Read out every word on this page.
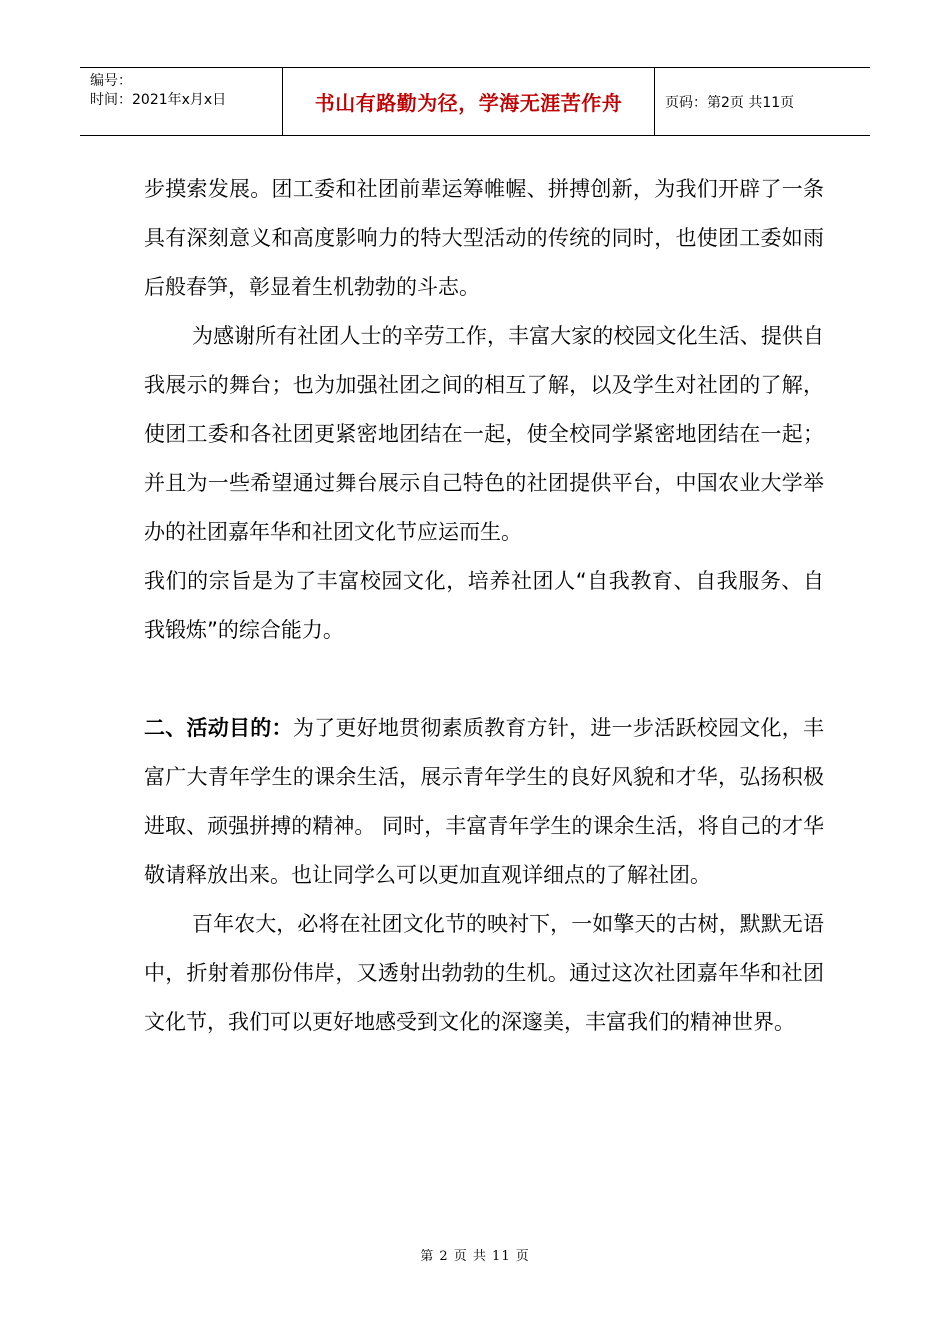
编号：
时间：2021年x月x日	书山有路勤为径，学海无涯苦作舟	页码：第2页 共11页

步摸索发展。团工委和社团前辈运筹帷幄、拼搏创新，为我们开辟了一条具有深刻意义和高度影响力的特大型活动的传统的同时，也使团工委如雨后般春笋，彰显着生机勃勃的斗志。

为感谢所有社团人士的辛劳工作，丰富大家的校园文化生活、提供自我展示的舞台；也为加强社团之间的相互了解，以及学生对社团的了解，使团工委和各社团更紧密地团结在一起，使全校同学紧密地团结在一起；并且为一些希望通过舞台展示自己特色的社团提供平台，中国农业大学举办的社团嘉年华和社团文化节应运而生。

我们的宗旨是为了丰富校园文化，培养社团人“自我教育、自我服务、自我锻炼”的综合能力。

二、活动目的：为了更好地贯彻素质教育方针，进一步活跃校园文化，丰富广大青年学生的课余生活，展示青年学生的良好风貌和才华，弘扬积极进取、顽强拼搏的精神。 同时，丰富青年学生的课余生活，将自己的才华敬请释放出来。也让同学么可以更加直观详细点的了解社团。

百年农大，必将在社团文化节的映衬下，一如擎天的古树，默默无语中，折射着那份伟岸，又透射出勃勃的生机。通过这次社团嘉年华和社团文化节，我们可以更好地感受到文化的深邃美，丰富我们的精神世界。

第 2 页 共 11 页
